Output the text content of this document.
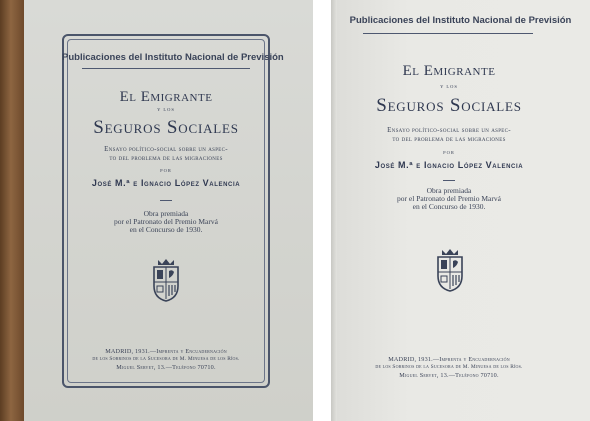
Publicaciones del Instituto Nacional de Previsión
El Emigrante
Y LOS
Seguros Sociales
Ensayo político-social sobre un aspec-
to del problema de las migraciones
POR
José M.ª e Ignacio López Valencia
Obra premiada
por el Patronato del Premio Marvá
en el Concurso de 1930.
MADRID, 1931.—Imprenta y Encuadernación
de los Sobrinos de la Sucesora de M. Minuesa de los Ríos.
Miguel Servet, 13.—Teléfono 70710.
Publicaciones del Instituto Nacional de Previsión
El Emigrante
Y LOS
Seguros Sociales
Ensayo político-social sobre un aspec-
to del problema de las migraciones
POR
José M.ª e Ignacio López Valencia
Obra premiada
por el Patronato del Premio Marvá
en el Concurso de 1930.
MADRID, 1931.—Imprenta y Encuadernación
de los Sobrinos de la Sucesora de M. Minuesa de los Ríos.
Miguel Servet, 13.—Teléfono 70710.
